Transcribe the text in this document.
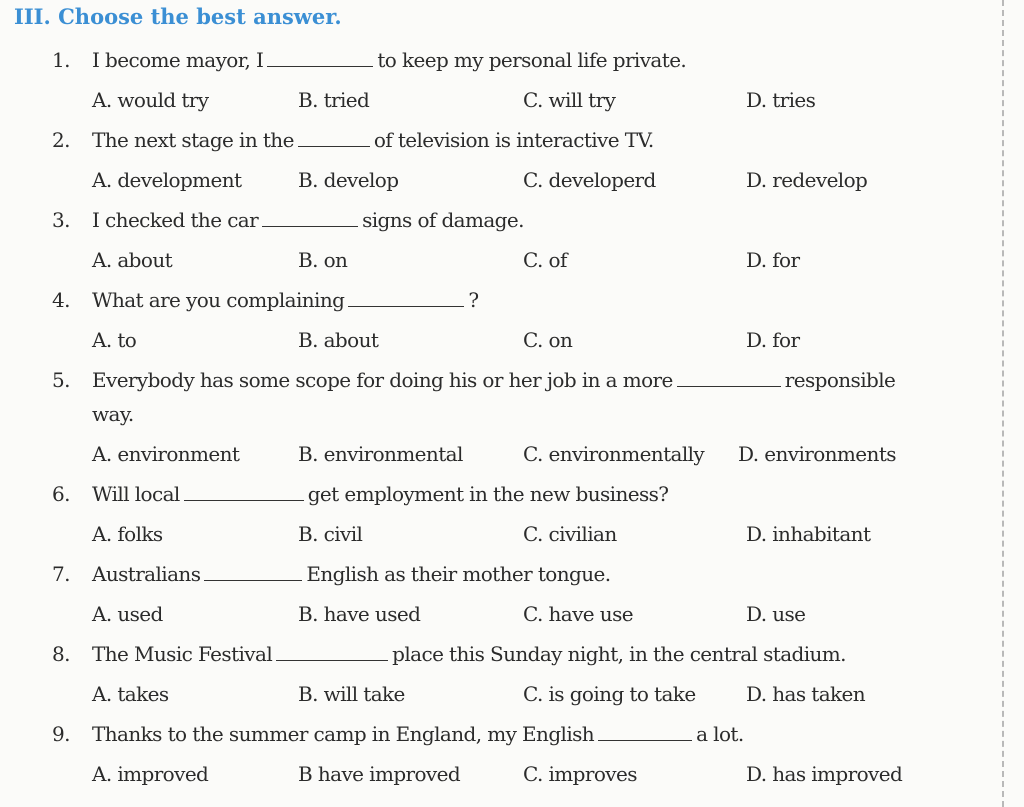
III. Choose the best answer.
1. I become mayor, I	to keep my personal life private.
A. would try	B. tried	C. will try	D. tries
2. The next stage in the	of television is interactive TV.
A. development	B. develop	C. developerd	D. redevelop
3. I checked the car	signs of damage.
A. about	B. on	C. of	D. for
4. What are you complaining	?
A. to	B. about	C. on	D. for
5. Everybody has some scope for doing his or her job in a more	responsible
way.
A. environment	B. environmental	C. environmentally D. environments
6. Will local	get employment in the new business?
A. folks	B. civil	C. civilian	D. inhabitant
7. Australians	English as their mother tongue.
A. used	B. have used	C. have use	D. use
8. The Music Festival	place this Sunday night, in the central stadium.
A. takes	B. will take	C. is going to take	D. has taken
9. Thanks to the summer camp in England, my English	a lot.
A. improved	B have improved	C. improves	D. has improved
